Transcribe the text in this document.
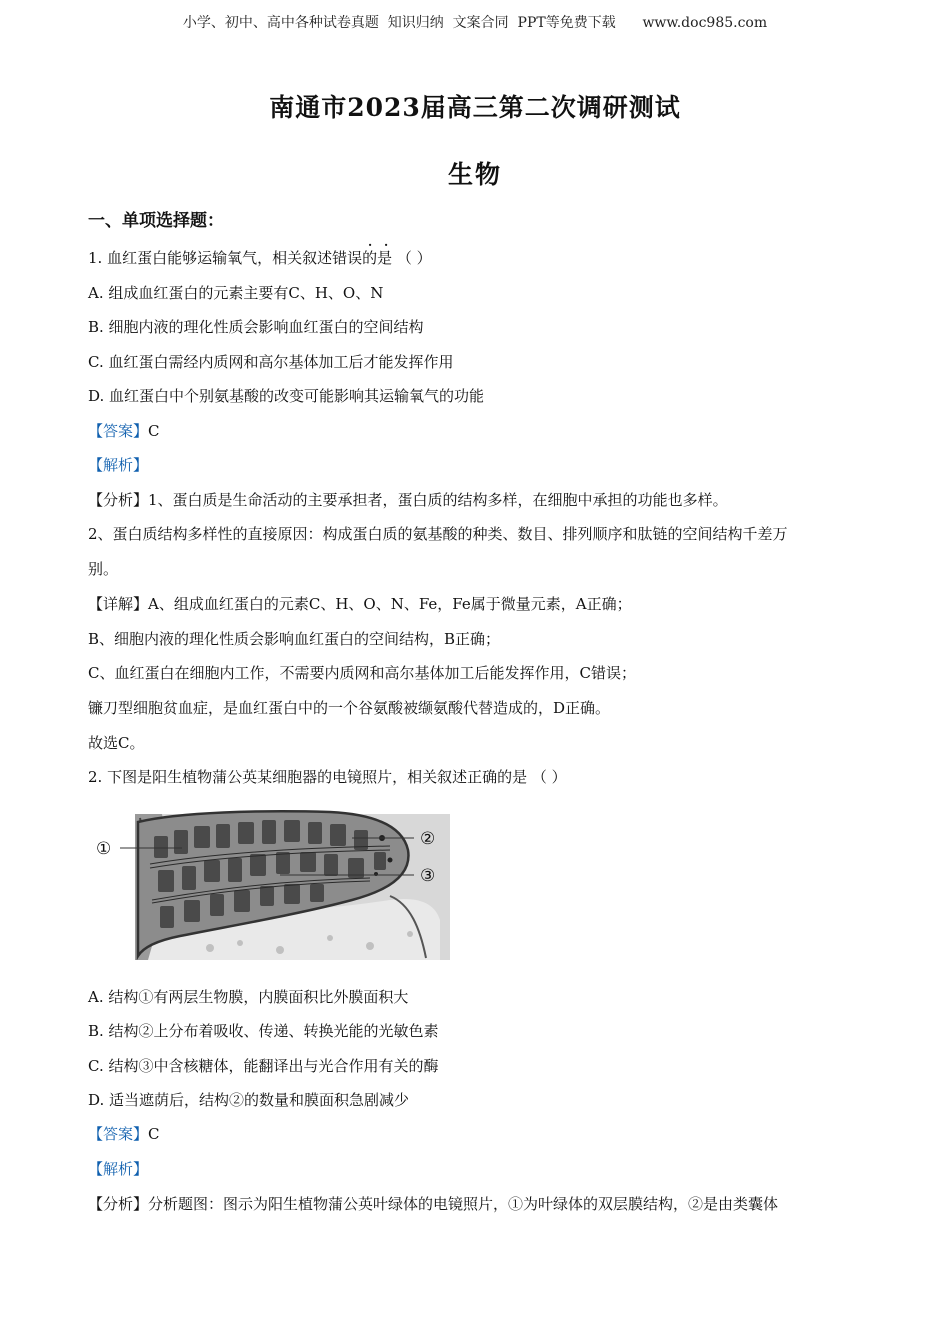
小学、初中、高中各种试卷真题  知识归纳  文案合同  PPT等免费下载      www.doc985.com
南通市2023届高三第二次调研测试
生物
一、单项选择题：
· ·
1. 血红蛋白能够运输氧气，相关叙述错误的是 （ ）
A. 组成血红蛋白的元素主要有C、H、O、N
B. 细胞内液的理化性质会影响血红蛋白的空间结构
C. 血红蛋白需经内质网和高尔基体加工后才能发挥作用
D. 血红蛋白中个别氨基酸的改变可能影响其运输氧气的功能
【答案】C
【解析】
【分析】1、蛋白质是生命活动的主要承担者，蛋白质的结构多样，在细胞中承担的功能也多样。
2、蛋白质结构多样性的直接原因：构成蛋白质的氨基酸的种类、数目、排列顺序和肽链的空间结构千差万
别。
【详解】A、组成血红蛋白的元素C、H、O、N、Fe，Fe属于微量元素，A正确；
B、细胞内液的理化性质会影响血红蛋白的空间结构，B正确；
C、血红蛋白在细胞内工作，不需要内质网和高尔基体加工后能发挥作用，C错误；
镰刀型细胞贫血症，是血红蛋白中的一个谷氨酸被缬氨酸代替造成的，D正确。
故选C。
2. 下图是阳生植物蒲公英某细胞器的电镜照片，相关叙述正确的是 （ ）
①	②
③
A. 结构①有两层生物膜，内膜面积比外膜面积大
B. 结构②上分布着吸收、传递、转换光能的光敏色素
C. 结构③中含核糖体，能翻译出与光合作用有关的酶
D. 适当遮荫后，结构②的数量和膜面积急剧减少
【答案】C
【解析】
【分析】分析题图：图示为阳生植物蒲公英叶绿体的电镜照片，①为叶绿体的双层膜结构，②是由类囊体
